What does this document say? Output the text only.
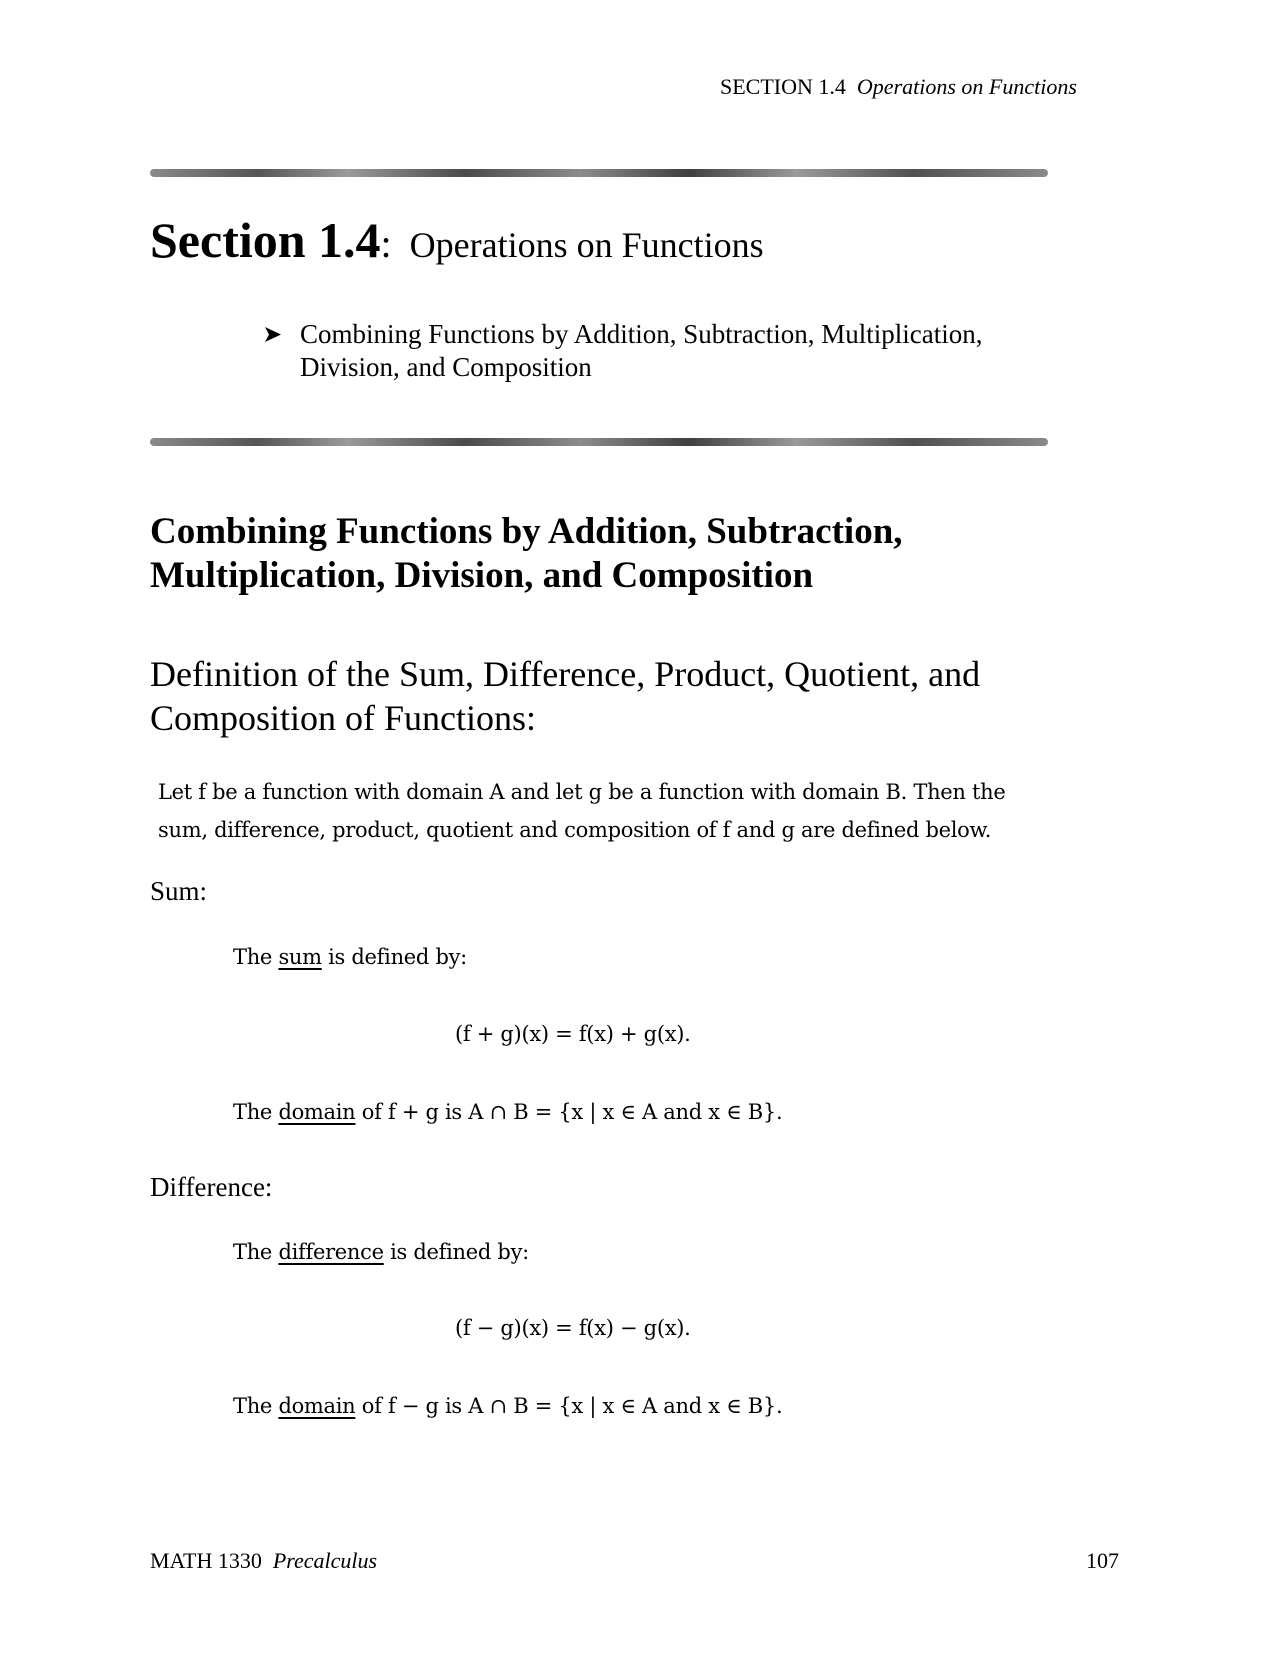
SECTION 1.4 Operations on Functions
Section 1.4: Operations on Functions
Combining Functions by Addition, Subtraction, Multiplication, Division, and Composition
Combining Functions by Addition, Subtraction, Multiplication, Division, and Composition
Definition of the Sum, Difference, Product, Quotient, and Composition of Functions:
Let f be a function with domain A and let g be a function with domain B. Then the
sum, difference, product, quotient and composition of f and g are defined below.
Sum:
The sum is defined by:
(f + g)(x) = f(x) + g(x).
The domain of f + g is A ∩ B = {x | x ∈ A and x ∈ B}.
Difference:
The difference is defined by:
(f − g)(x) = f(x) − g(x).
The domain of f − g is A ∩ B = {x | x ∈ A and x ∈ B}.
MATH 1330 Precalculus	107
